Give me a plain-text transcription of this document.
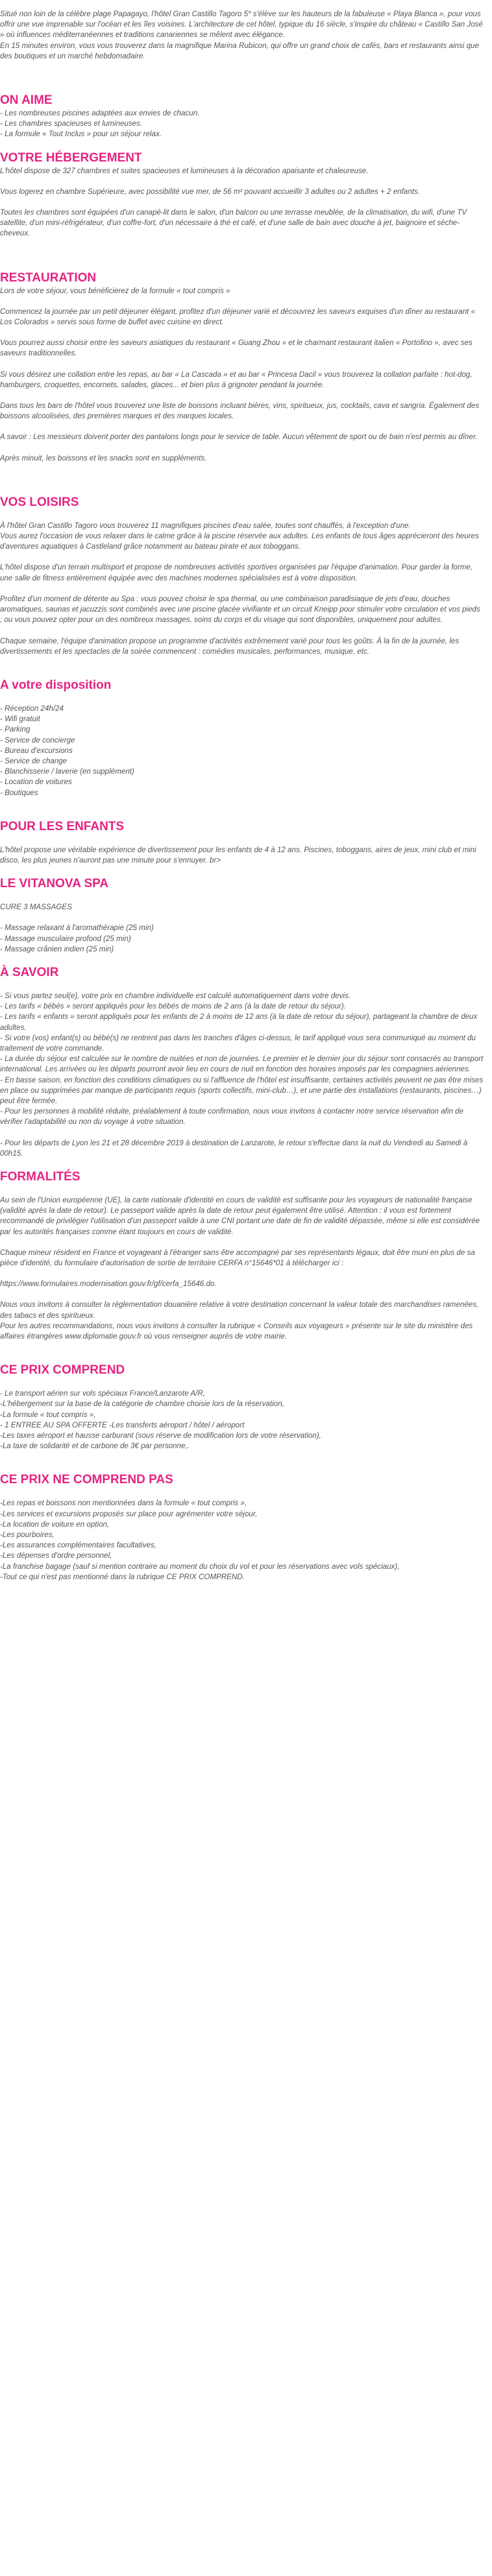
Situé non loin de la célèbre plage Papagayo, l'hôtel Gran Castillo Tagoro 5* s'élève sur les hauteurs de la fabuleuse « Playa Blanca », pour vous offrir une vue imprenable sur l'océan et les îles voisines. L'architecture de cet hôtel, typique du 16 siècle, s'inspire du château « Castillo San José » où influences méditerranéennes et traditions canariennes se mêlent avec élégance.

En 15 minutes environ, vous vous trouverez dans la magnifique Marina Rubicon, qui offre un grand choix de cafés, bars et restaurants ainsi que des boutiques et un marché hebdomadaire.

ON AIME
- Les nombreuses piscines adaptées aux envies de chacun.
- Les chambres spacieuses et lumineuses.
- La formule « Tout Inclus » pour un séjour relax.
VOTRE HÉBERGEMENT

L'hôtel dispose de 327 chambres et suites spacieuses et lumineuses à la décoration apaisante et chaleureuse.

Vous logerez en chambre Supérieure, avec possibilité vue mer, de 56 m² pouvant accueillir 3 adultes ou 2 adultes + 2 enfants.

Toutes les chambres sont équipées d'un canapé-lit dans le salon, d'un balcon ou une terrasse meublée, de la climatisation, du wifi, d'une TV satellite, d'un mini-réfrigérateur, d'un coffre-fort, d'un nécessaire à thé et café, et d'une salle de bain avec douche à jet, baignoire et sèche-cheveux.

RESTAURATION

Lors de votre séjour, vous bénéficierez de la formule « tout compris »

Commencez la journée par un petit déjeuner élégant, profitez d'un déjeuner varié et découvrez les saveurs exquises d'un dîner au restaurant « Los Colorados » servis sous forme de buffet avec cuisine en direct.

Vous pourrez aussi choisir entre les saveurs asiatiques du restaurant « Guang Zhou » et le charmant restaurant italien « Portofino », avec ses saveurs traditionnelles.

Si vous désirez une collation entre les repas, au bar « La Cascada » et au bar « Princesa Dacil » vous trouverez la collation parfaite : hot-dog, hamburgers, croquettes, encornets, salades, glaces... et bien plus à grignoter pendant la journée.

Dans tous les bars de l'hôtel vous trouverez une liste de boissons incluant bières, vins, spiritueux, jus, cocktails, cava et sangria. Également des boissons alcoolisées, des premières marques et des marques locales.

A savoir : Les messieurs doivent porter des pantalons longs pour le service de table. Aucun vêtement de sport ou de bain n'est permis au dîner.

Après minuit, les boissons et les snacks sont en suppléments.

VOS LOISIRS

À l'hôtel Gran Castillo Tagoro vous trouverez 11 magnifiques piscines d'eau salée, toutes sont chauffés, à l'exception d'une.

Vous aurez l'occasion de vous relaxer dans le calme grâce à la piscine réservée aux adultes. Les enfants de tous âges apprécieront des heures d'aventures aquatiques à Castleland grâce notamment au bateau pirate et aux toboggans.

L'hôtel dispose d'un terrain multisport et propose de nombreuses activités sportives organisées par l'équipe d'animation. Pour garder la forme, une salle de fitness entièrement équipée avec des machines modernes spécialisées est à votre disposition.

Profitez d'un moment de détente au Spa : vous pouvez choisir le spa thermal, ou une combinaison paradisiaque de jets d'eau, douches aromatiques, saunas et jacuzzis sont combinés avec une piscine glacée vivifiante et un circuit Kneipp pour stimuler votre circulation et vos pieds ; ou vous pouvez opter pour un des nombreux massages, soins du corps et du visage qui sont disponibles, uniquement pour adultes.

Chaque semaine, l'équipe d'animation propose un programme d'activités extrêmement varié pour tous les goûts. À la fin de la journée, les divertissements et les spectacles de la soirée commencent : comédies musicales, performances, musique, etc.

A votre disposition
- Réception 24h/24
- Wifi gratuit
- Parking
- Service de concierge
- Bureau d'excursions
- Service de change
- Blanchisserie / laverie (en supplément)
- Location de voitures
- Boutiques
POUR LES ENFANTS

L'hôtel propose une véritable expérience de divertissement pour les enfants de 4 à 12 ans. Piscines, toboggans, aires de jeux, mini club et mini disco, les plus jeunes n'auront pas une minute pour s'ennuyer. br>

LE VITANOVA SPA

CURE 3 MASSAGES

- Massage relaxant à l'aromathérapie (25 min)
- Massage musculaire profond (25 min)
- Massage crânien indien (25 min)
À SAVOIR
- Si vous partez seul(e), votre prix en chambre individuelle est calculé automatiquement dans votre devis.
- Les tarifs « bébés » seront appliqués pour les bébés de moins de 2 ans (à la date de retour du séjour).
- Les tarifs « enfants » seront appliqués pour les enfants de 2 à moins de 12 ans (à la date de retour du séjour), partageant la chambre de deux adultes.
- Si votre (vos) enfant(s) ou bébé(s) ne rentrent pas dans les tranches d'âges ci-dessus, le tarif appliqué vous sera communiqué au moment du traitement de votre commande.
- La durée du séjour est calculée sur le nombre de nuitées et non de journées. Le premier et le dernier jour du séjour sont consacrés au transport international. Les arrivées ou les départs pourront avoir lieu en cours de nuit en fonction des horaires imposés par les compagnies aériennes.
- En basse saison, en fonction des conditions climatiques ou si l'affluence de l'hôtel est insuffisante, certaines activités peuvent ne pas être mises en place ou supprimées par manque de participants requis (sports collectifs, mini-club…), et une partie des installations (restaurants, piscines…) peut être fermée.
- Pour les personnes à mobilité réduite, préalablement à toute confirmation, nous vous invitons à contacter notre service réservation afin de vérifier l'adaptabilité ou non du voyage à votre situation.

- Pour les départs de Lyon les 21 et 28 décembre 2019 à destination de Lanzarote, le retour s'effectue dans la nuit du Vendredi au Samedi à 00h15.

FORMALITÉS

Au sein de l'Union européenne (UE), la carte nationale d'identité en cours de validité est suffisante pour les voyageurs de nationalité française (validité après la date de retour). Le passeport valide après la date de retour peut également être utilisé. Attention : il vous est fortement recommandé de privilégier l'utilisation d'un passeport valide à une CNI portant une date de fin de validité dépassée, même si elle est considérée par les autorités françaises comme étant toujours en cours de validité.

Chaque mineur résident en France et voyageant à l'étranger sans être accompagné par ses représentants légaux, doit être muni en plus de sa pièce d'identité, du formulaire d'autorisation de sortie de territoire CERFA n°15646*01 à télécharger ici :

https://www.formulaires.modernisation.gouv.fr/gf/cerfa_15646.do.

Nous vous invitons à consulter la réglementation douanière relative à votre destination concernant la valeur totale des marchandises ramenées, des tabacs et des spiritueux.

Pour les autres recommandations, nous vous invitons à consulter la rubrique « Conseils aux voyageurs » présente sur le site du ministère des affaires étrangères www.diplomatie.gouv.fr où vous renseigner auprès de votre mairie.

CE PRIX COMPREND
- Le transport aérien sur vols spéciaux France/Lanzarote A/R,
-L'hébergement sur la base de la catégorie de chambre choisie lors de la réservation,
-La formule « tout compris »,
- 1 ENTREE AU SPA OFFERTE -Les transferts aéroport / hôtel / aéroport
-Les taxes aéroport et hausse carburant (sous réserve de modification lors de votre réservation),
-La taxe de solidarité et de carbone de 3€ par personne,.
CE PRIX NE COMPREND PAS
-Les repas et boissons non mentionnées dans la formule « tout compris »,
-Les services et excursions proposés sur place pour agrémenter votre séjour,
-La location de voiture en option,
-Les pourboires,
-Les assurances complémentaires facultatives,
-Les dépenses d'ordre personnel,
-La franchise bagage (sauf si mention contraire au moment du choix du vol et pour les réservations avec vols spéciaux),
-Tout ce qui n'est pas mentionné dans la rubrique CE PRIX COMPREND.
